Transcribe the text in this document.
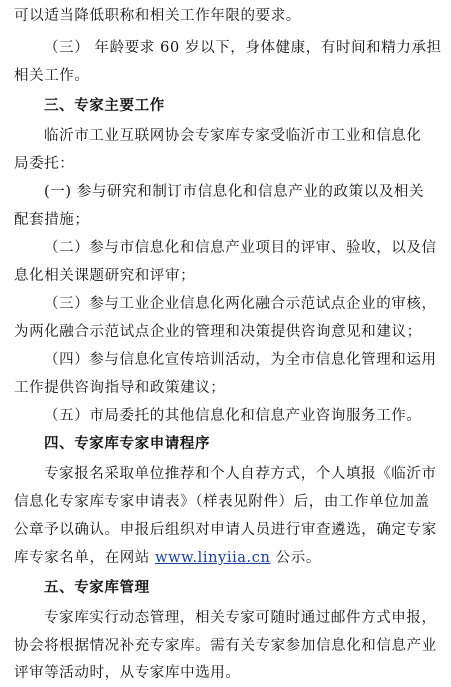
可以适当降低职称和相关工作年限的要求。
（三） 年龄要求 60 岁以下，身体健康，有时间和精力承担
相关工作。
三、专家主要工作
临沂市工业互联网协会专家库专家受临沂市工业和信息化
局委托：
(一) 参与研究和制订市信息化和信息产业的政策以及相关
配套措施；
（二）参与市信息化和信息产业项目的评审、验收，以及信
息化相关课题研究和评审；
（三）参与工业企业信息化两化融合示范试点企业的审核，
为两化融合示范试点企业的管理和决策提供咨询意见和建议；
（四）参与信息化宣传培训活动，为全市信息化管理和运用
工作提供咨询指导和政策建议；
（五）市局委托的其他信息化和信息产业咨询服务工作。
四、专家库专家申请程序
专家报名采取单位推荐和个人自荐方式，个人填报《临沂市
信息化专家库专家申请表》（样表见附件）后，由工作单位加盖
公章予以确认。申报后组织对申请人员进行审查遴选，确定专家
库专家名单，在网站 www.linyiia.cn 公示。
五、专家库管理
专家库实行动态管理，相关专家可随时通过邮件方式申报，
协会将根据情况补充专家库。需有关专家参加信息化和信息产业
评审等活动时，从专家库中选用。
